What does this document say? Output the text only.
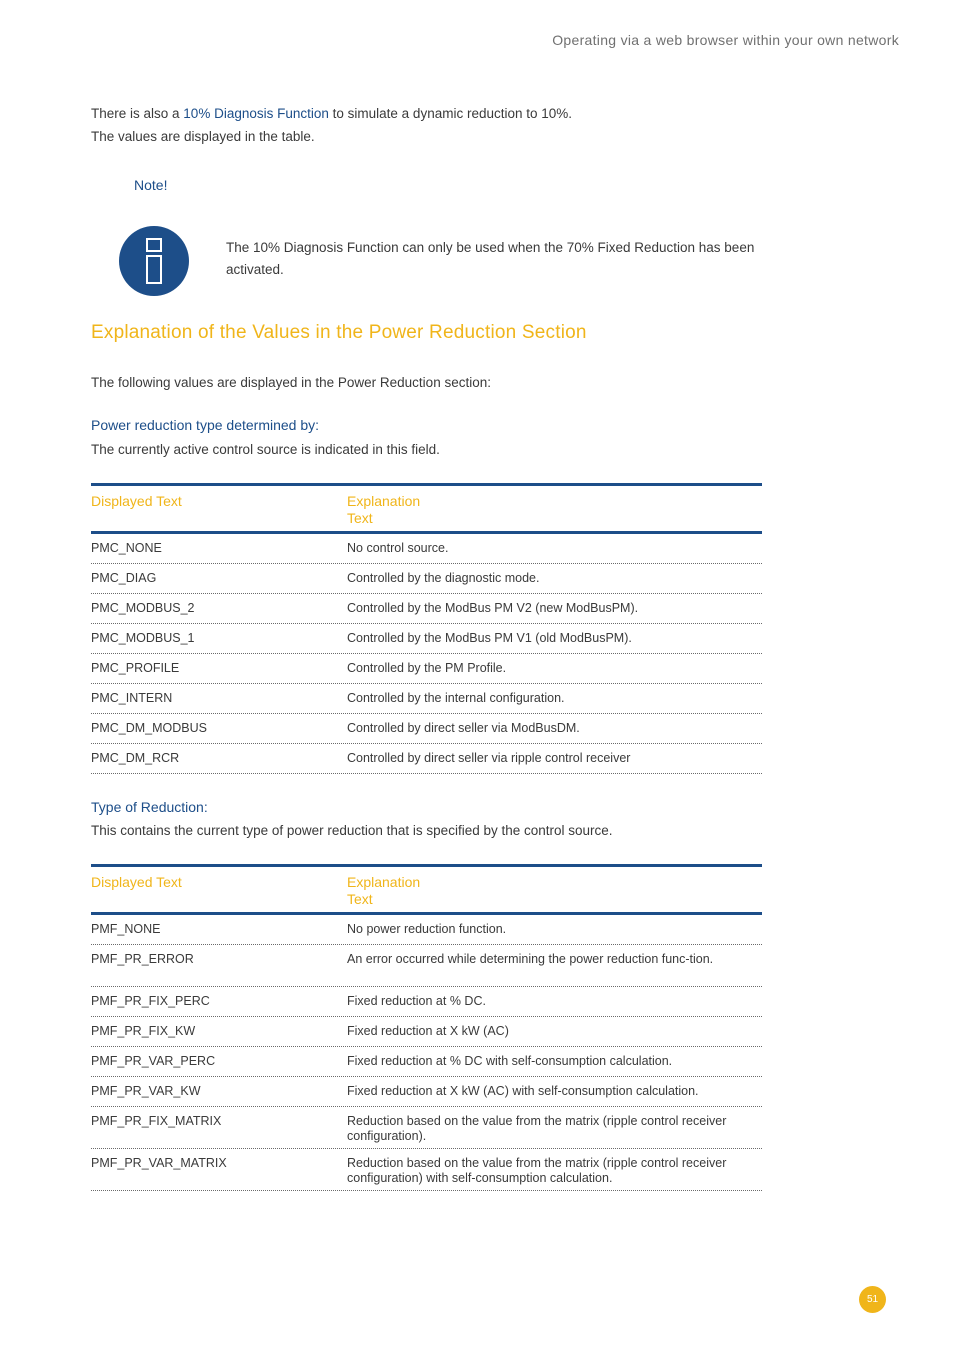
Operating via a web browser within your own network
There is also a 10% Diagnosis Function to simulate a dynamic reduction to 10%.
The values are displayed in the table.
Note!
The 10% Diagnosis Function can only be used when the 70% Fixed Reduction has been activated.
Explanation of the Values in the Power Reduction Section
The following values are displayed in the Power Reduction section:
Power reduction type determined by:
The currently active control source is indicated in this field.
Displayed Text	Explanation Text
PMC_NONE	No control source.
PMC_DIAG	Controlled by the diagnostic mode.
PMC_MODBUS_2	Controlled by the ModBus PM V2 (new ModBusPM).
PMC_MODBUS_1	Controlled by the ModBus PM V1 (old ModBusPM).
PMC_PROFILE	Controlled by the PM Profile.
PMC_INTERN	Controlled by the internal configuration.
PMC_DM_MODBUS	Controlled by direct seller via ModBusDM.
PMC_DM_RCR	Controlled by direct seller via ripple control receiver
Type of Reduction:
This contains the current type of power reduction that is specified by the control source.
Displayed Text	Explanation Text
PMF_NONE	No power reduction function.
PMF_PR_ERROR	An error occurred while determining the power reduction func-tion.
PMF_PR_FIX_PERC	Fixed reduction at % DC.
PMF_PR_FIX_KW	Fixed reduction at X kW (AC)
PMF_PR_VAR_PERC	Fixed reduction at % DC with self-consumption calculation.
PMF_PR_VAR_KW	Fixed reduction at X kW (AC) with self-consumption calculation.
PMF_PR_FIX_MATRIX	Reduction based on the value from the matrix (ripple control receiver configuration).
PMF_PR_VAR_MATRIX	Reduction based on the value from the matrix (ripple control receiver configuration) with self-consumption calculation.
51
